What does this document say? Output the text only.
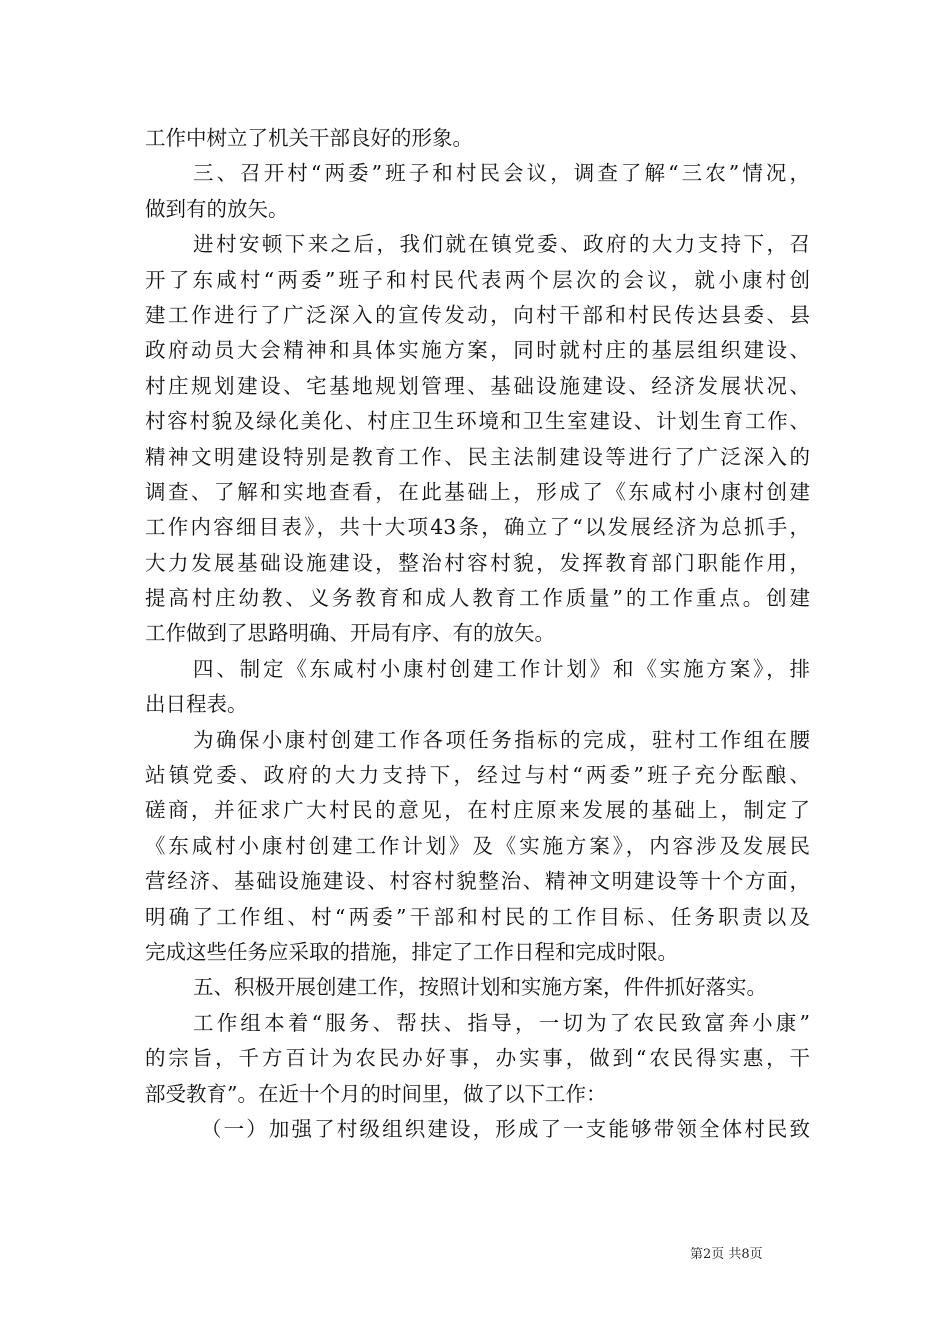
工作中树立了机关干部良好的形象。
三、召开村“两委”班子和村民会议，调查了解“三农”情况，
做到有的放矢。
进村安顿下来之后，我们就在镇党委、政府的大力支持下，召
开了东咸村“两委”班子和村民代表两个层次的会议，就小康村创
建工作进行了广泛深入的宣传发动，向村干部和村民传达县委、县
政府动员大会精神和具体实施方案，同时就村庄的基层组织建设、
村庄规划建设、宅基地规划管理、基础设施建设、经济发展状况、
村容村貌及绿化美化、村庄卫生环境和卫生室建设、计划生育工作、
精神文明建设特别是教育工作、民主法制建设等进行了广泛深入的
调查、了解和实地查看，在此基础上，形成了《东咸村小康村创建
工作内容细目表》，共十大项43条，确立了“以发展经济为总抓手，
大力发展基础设施建设，整治村容村貌，发挥教育部门职能作用，
提高村庄幼教、义务教育和成人教育工作质量”的工作重点。创建
工作做到了思路明确、开局有序、有的放矢。
四、制定《东咸村小康村创建工作计划》和《实施方案》，排
出日程表。
为确保小康村创建工作各项任务指标的完成，驻村工作组在腰
站镇党委、政府的大力支持下，经过与村“两委”班子充分酝酿、
磋商，并征求广大村民的意见，在村庄原来发展的基础上，制定了
《东咸村小康村创建工作计划》及《实施方案》，内容涉及发展民
营经济、基础设施建设、村容村貌整治、精神文明建设等十个方面，
明确了工作组、村“两委”干部和村民的工作目标、任务职责以及
完成这些任务应采取的措施，排定了工作日程和完成时限。
五、积极开展创建工作，按照计划和实施方案，件件抓好落实。
工作组本着“服务、帮扶、指导，一切为了农民致富奔小康”
的宗旨，千方百计为农民办好事，办实事，做到“农民得实惠，干
部受教育”。在近十个月的时间里，做了以下工作：
（一）加强了村级组织建设，形成了一支能够带领全体村民致
第2页 共8页
